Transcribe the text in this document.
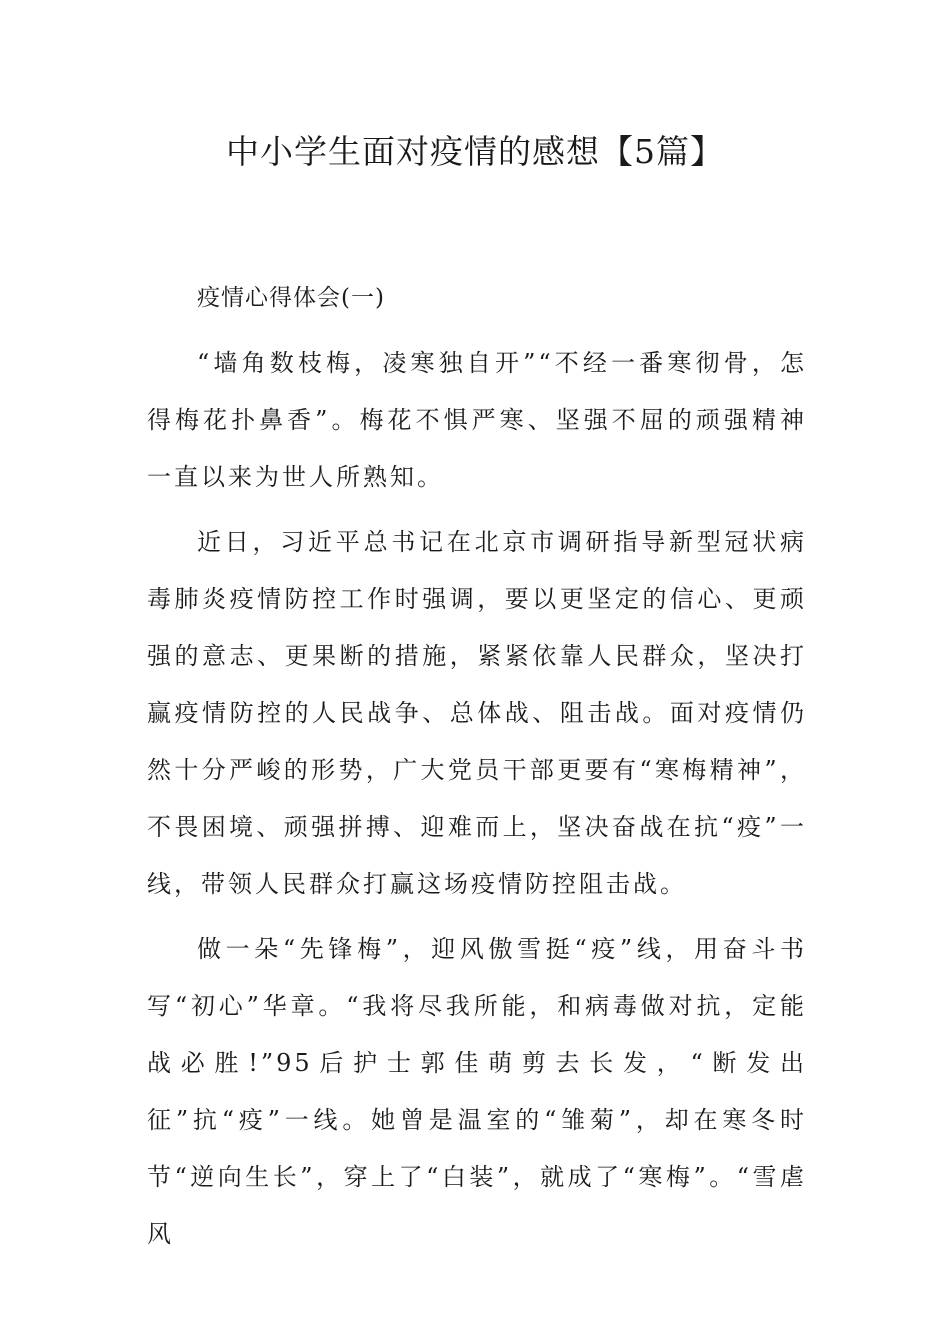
中小学生面对疫情的感想【5篇】

疫情心得体会(一)

“墙角数枝梅，凌寒独自开”“不经一番寒彻骨，怎得梅花扑鼻香”。梅花不惧严寒、坚强不屈的顽强精神一直以来为世人所熟知。

近日，习近平总书记在北京市调研指导新型冠状病毒肺炎疫情防控工作时强调，要以更坚定的信心、更顽强的意志、更果断的措施，紧紧依靠人民群众，坚决打赢疫情防控的人民战争、总体战、阻击战。面对疫情仍然十分严峻的形势，广大党员干部更要有“寒梅精神”，不畏困境、顽强拼搏、迎难而上，坚决奋战在抗“疫”一线，带领人民群众打赢这场疫情防控阻击战。

做一朵“先锋梅”，迎风傲雪挺“疫”线，用奋斗书写“初心”华章。“我将尽我所能，和病毒做对抗，定能战必胜!”95后护士郭佳萌剪去长发，“断发出征”抗“疫”一线。她曾是温室的“雏菊”，却在寒冬时节“逆向生长”，穿上了“白装”，就成了“寒梅”。“雪虐风
